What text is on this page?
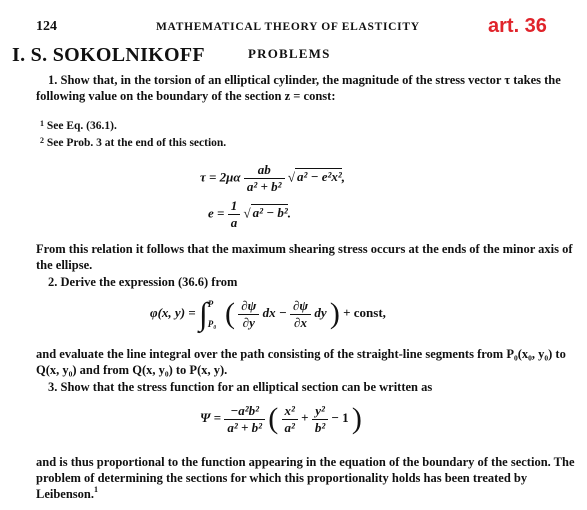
124	MATHEMATICAL THEORY OF ELASTICITY	art. 36
I. S. SOKOLNIKOFF	PROBLEMS
1. Show that, in the torsion of an elliptical cylinder, the magnitude of the stress vector τ takes the following value on the boundary of the section z = const:
$^1$ See Eq. (36.1).
$^2$ See Prob. 3 at the end of this section.
$\tau = 2\mu\alpha \frac{ab}{\text{a² + b²}}$ √ a² − e²x²,
$e = \frac{1}{a}$ √ a² − b².
From this relation it follows that the maximum shearing stress occurs at the ends of the minor axis of the ellipse.
2. Derive the expression (36.6) from
φ(x, y) = ∫ P
P₀ ( $\frac{\partial\psi}{\partial y}$ dx − $\frac{\partial\psi}{\partial x}$ dy ) + const,
and evaluate the line integral over the path consisting of the straight-line segments from P₀(x₀, y₀) to Q(x, y₀) and from Q(x, y₀) to P(x, y).
3. Show that the stress function for an elliptical section can be written as
$\Psi = \frac{\text{−a²b²}}{\text{a² + b²}}$ ( $\frac{\text{x²}}{\text{a²}} + \frac{\text{y²}}{\text{b²}} - 1$ )
and is thus proportional to the function appearing in the equation of the boundary of the section. The problem of determining the sections for which this proportionality holds has been treated by Leibenson.$^1$
